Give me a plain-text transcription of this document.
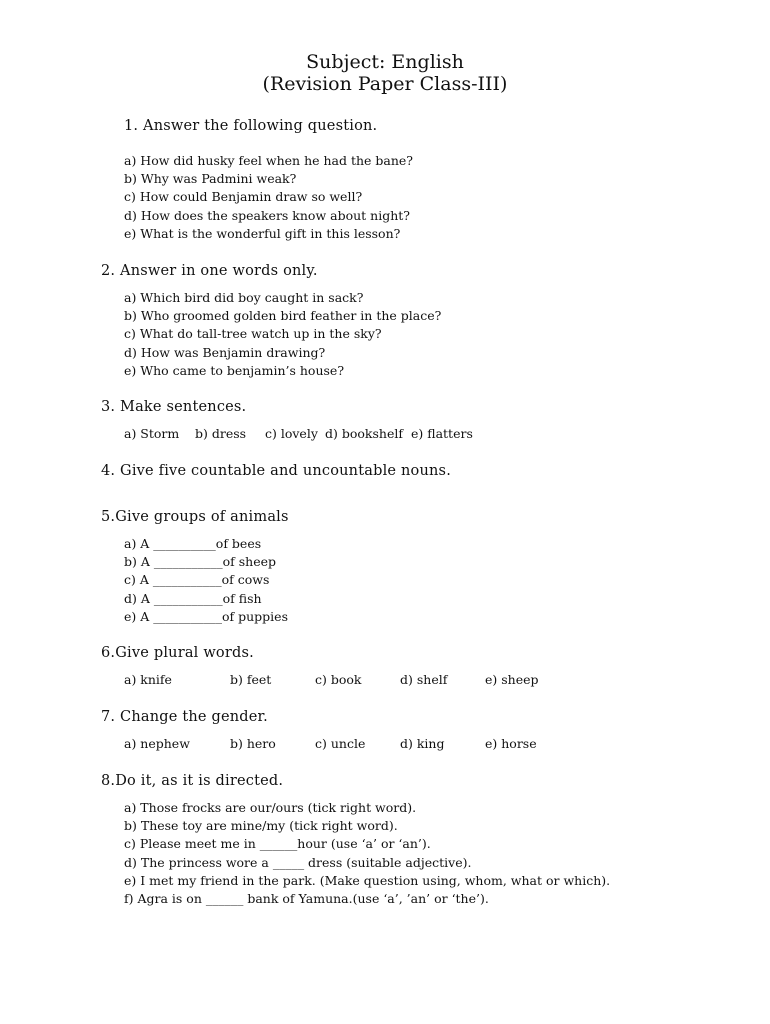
Subject: English
(Revision Paper Class-III)
1. Answer the following question.
a) How did husky feel when he had the bane?
b) Why was Padmini weak?
c) How could Benjamin draw so well?
d) How does the speakers know about night?
e) What is the wonderful gift in this lesson?
2. Answer in one words only.
a) Which bird did boy caught in sack?
b) Who groomed golden bird feather in the place?
c) What do tall-tree watch up in the sky?
d) How was Benjamin drawing?
e) Who came to benjamin’s house?
3. Make sentences.
a) Storm b) dress c) lovely d) bookshelf e) flatters
4. Give five countable and uncountable nouns.
5.Give groups of animals
a) A __________of bees
b) A ___________of sheep
c) A ___________of cows
d) A ___________of fish
e) A ___________of puppies
6.Give plural words.
a) knife	b) feet	c) book	d) shelf	e) sheep
7. Change the gender.
a) nephew	b) hero	c) uncle	d) king	e) horse
8.Do it, as it is directed.
a) Those frocks are our/ours (tick right word).
b) These toy are mine/my (tick right word).
c) Please meet me in ______hour (use ‘a’ or ‘an’).
d) The princess wore a _____ dress (suitable adjective).
e) I met my friend in the park. (Make question using, whom, what or which).
f) Agra is on ______ bank of Yamuna.(use ‘a’, ’an’ or ‘the’).
